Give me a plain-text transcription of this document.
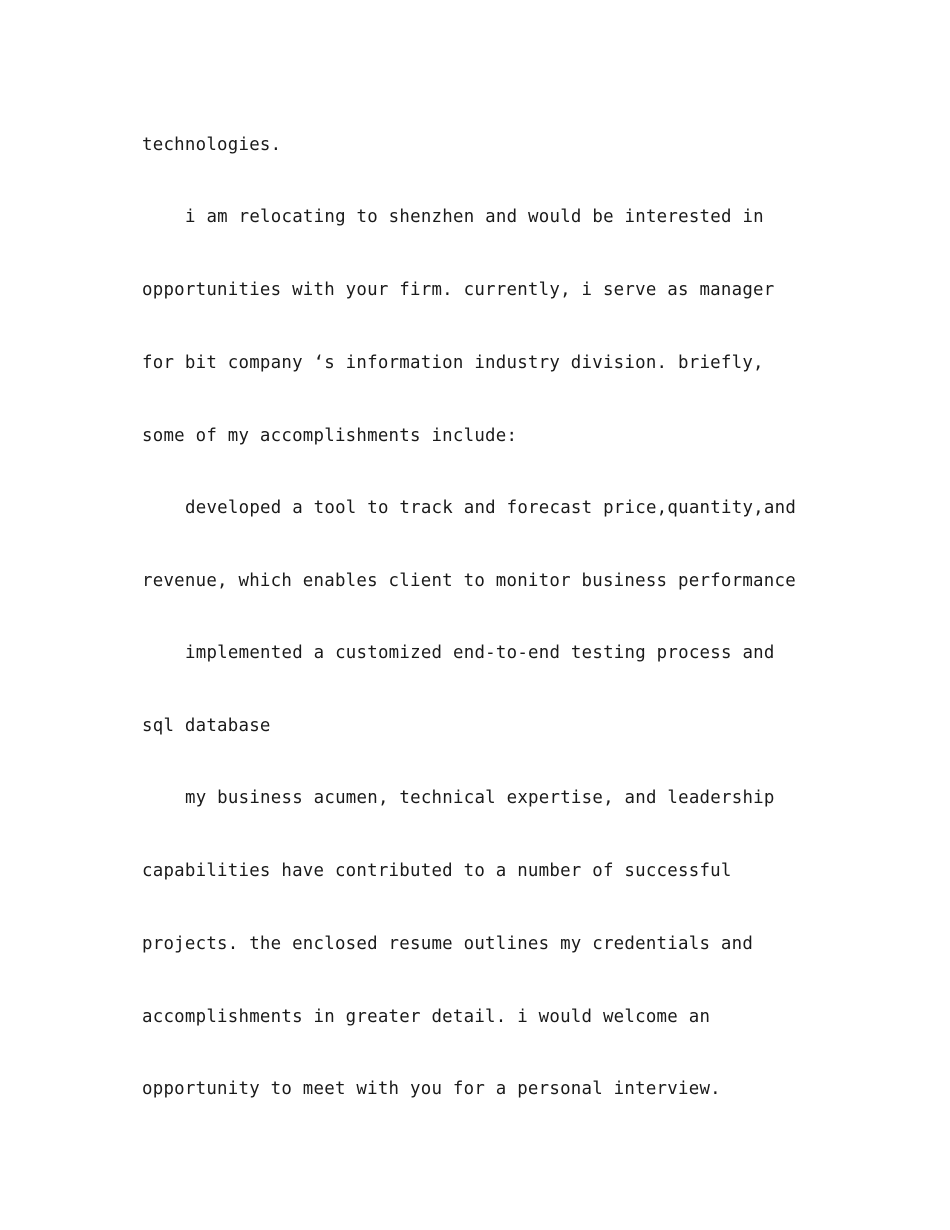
technologies.
i am relocating to shenzhen and would be interested in
opportunities with your firm. currently, i serve as manager
for bit company ‘s information industry division. briefly,
some of my accomplishments include:
developed a tool to track and forecast price,quantity,and
revenue, which enables client to monitor business performance
implemented a customized end-to-end testing process and
sql database
my business acumen, technical expertise, and leadership
capabilities have contributed to a number of successful
projects. the enclosed resume outlines my credentials and
accomplishments in greater detail. i would welcome an
opportunity to meet with you for a personal interview.
